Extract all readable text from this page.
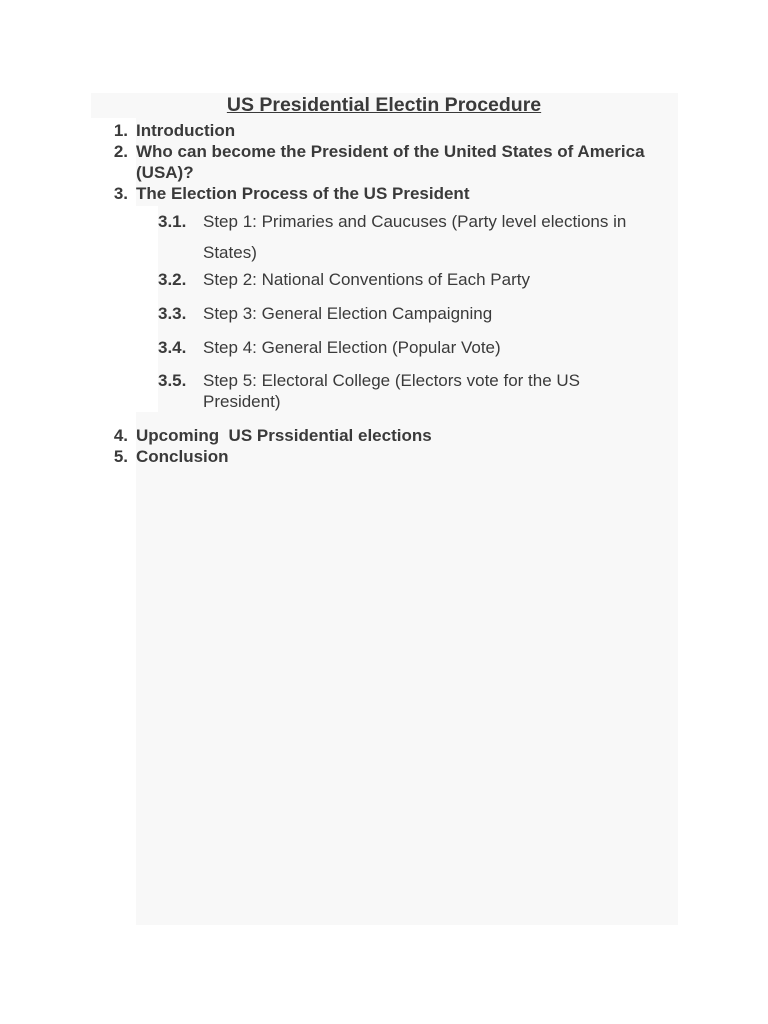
US Presidential Electin Procedure
1. Introduction
2. Who can become the President of the United States of America (USA)?
3. The Election Process of the US President
3.1. Step 1: Primaries and Caucuses (Party level elections in States)
3.2. Step 2: National Conventions of Each Party
3.3. Step 3: General Election Campaigning
3.4. Step 4: General Election (Popular Vote)
3.5. Step 5: Electoral College (Electors vote for the US President)
4. Upcoming  US Prssidential elections
5. Conclusion
